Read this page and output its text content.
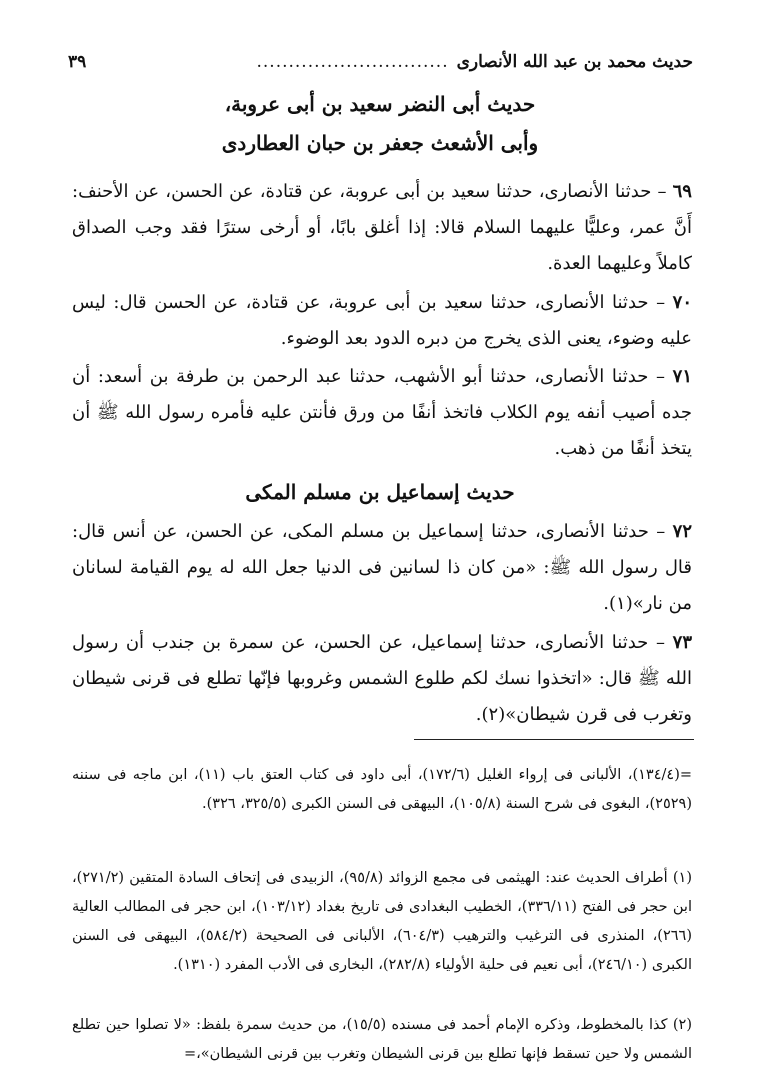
حديث محمد بن عبد الله الأنصارى
..............................
٣٩
حديث أبى النضر سعيد بن أبى عروبة،
وأبى الأشعث جعفر بن حبان العطاردى
٦٩ – حدثنا الأنصارى، حدثنا سعيد بن أبى عروبة، عن قتادة، عن الحسن، عن الأحنف: أَنَّ عمر، وعليًّا عليهما السلام قالا: إذا أغلق بابًا، أو أرخى سترًا فقد وجب الصداق كاملاً وعليهما العدة.
٧٠ – حدثنا الأنصارى، حدثنا سعيد بن أبى عروبة، عن قتادة، عن الحسن قال: ليس عليه وضوء، يعنى الذى يخرج من دبره الدود بعد الوضوء.
٧١ – حدثنا الأنصارى، حدثنا أبو الأشهب، حدثنا عبد الرحمن بن طرفة بن أسعد: أن جده أصيب أنفه يوم الكلاب فاتخذ أنفًا من ورق فأنتن عليه فأمره رسول الله ﷺ أن يتخذ أنفًا من ذهب.
حديث إسماعيل بن مسلم المكى
٧٢ – حدثنا الأنصارى، حدثنا إسماعيل بن مسلم المكى، عن الحسن، عن أنس قال: قال رسول الله ﷺ: «من كان ذا لسانين فى الدنيا جعل الله له يوم القيامة لسانان من نار»(١).
٧٣ – حدثنا الأنصارى، حدثنا إسماعيل، عن الحسن، عن سمرة بن جندب أن رسول الله ﷺ قال: «اتخذوا نسك لكم طلوع الشمس وغروبها فإنّها تطلع فى قرنى شيطان وتغرب فى قرن شيطان»(٢).
=(١٣٤/٤)، الألبانى فى إرواء الغليل (١٧٢/٦)، أبى داود فى كتاب العتق باب (١١)، ابن ماجه فى سننه (٢٥٢٩)، البغوى فى شرح السنة (١٠٥/٨)، البيهقى فى السنن الكبرى (٣٢٥/٥، ٣٢٦).
(١) أطراف الحديث عند: الهيثمى فى مجمع الزوائد (٩٥/٨)، الزبيدى فى إتحاف السادة المتقين (٢٧١/٢)، ابن حجر فى الفتح (٣٣٦/١١)، الخطيب البغدادى فى تاريخ بغداد (١٠٣/١٢)، ابن حجر فى المطالب العالية (٢٦٦)، المنذرى فى الترغيب والترهيب (٦٠٤/٣)، الألبانى فى الصحيحة (٥٨٤/٢)، البيهقى فى السنن الكبرى (٢٤٦/١٠)، أبى نعيم فى حلية الأولياء (٢٨٢/٨)، البخارى فى الأدب المفرد (١٣١٠).
(٢) كذا بالمخطوط، وذكره الإمام أحمد فى مسنده (١٥/٥)، من حديث سمرة بلفظ: «لا تصلوا حين تطلع الشمس ولا حين تسقط فإنها تطلع بين قرنى الشيطان وتغرب بين قرنى الشيطان»،=
